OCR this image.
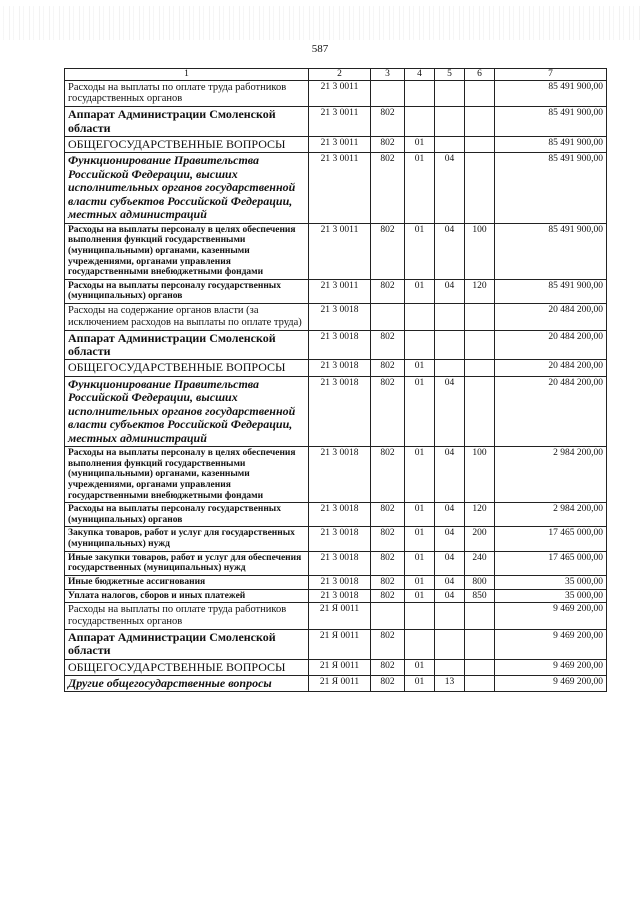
587
1	2	3	4	5	6	7
Расходы на выплаты по оплате труда работников государственных органов	21 3 0011					85 491 900,00
Аппарат Администрации Смоленской области	21 3 0011	802				85 491 900,00
ОБЩЕГОСУДАРСТВЕННЫЕ ВОПРОСЫ	21 3 0011	802	01			85 491 900,00
Функционирование Правительства Российской Федерации, высших исполнительных органов государственной власти субъектов Российской Федерации, местных администраций	21 3 0011	802	01	04		85 491 900,00
Расходы на выплаты персоналу в целях обеспечения выполнения функций государственными (муниципальными) органами, казенными учреждениями, органами управления государственными внебюджетными фондами	21 3 0011	802	01	04	100	85 491 900,00
Расходы на выплаты персоналу государственных (муниципальных) органов	21 3 0011	802	01	04	120	85 491 900,00
Расходы на содержание органов власти (за исключением расходов на выплаты по оплате труда)	21 3 0018					20 484 200,00
Аппарат Администрации Смоленской области	21 3 0018	802				20 484 200,00
ОБЩЕГОСУДАРСТВЕННЫЕ ВОПРОСЫ	21 3 0018	802	01			20 484 200,00
Функционирование Правительства Российской Федерации, высших исполнительных органов государственной власти субъектов Российской Федерации, местных администраций	21 3 0018	802	01	04		20 484 200,00
Расходы на выплаты персоналу в целях обеспечения выполнения функций государственными (муниципальными) органами, казенными учреждениями, органами управления государственными внебюджетными фондами	21 3 0018	802	01	04	100	2 984 200,00
Расходы на выплаты персоналу государственных (муниципальных) органов	21 3 0018	802	01	04	120	2 984 200,00
Закупка товаров, работ и услуг для государственных (муниципальных) нужд	21 3 0018	802	01	04	200	17 465 000,00
Иные закупки товаров, работ и услуг для обеспечения государственных (муниципальных) нужд	21 3 0018	802	01	04	240	17 465 000,00
Иные бюджетные ассигнования	21 3 0018	802	01	04	800	35 000,00
Уплата налогов, сборов и иных платежей	21 3 0018	802	01	04	850	35 000,00
Расходы на выплаты по оплате труда работников государственных органов	21 Я 0011					9 469 200,00
Аппарат Администрации Смоленской области	21 Я 0011	802				9 469 200,00
ОБЩЕГОСУДАРСТВЕННЫЕ ВОПРОСЫ	21 Я 0011	802	01			9 469 200,00
Другие общегосударственные вопросы	21 Я 0011	802	01	13		9 469 200,00
